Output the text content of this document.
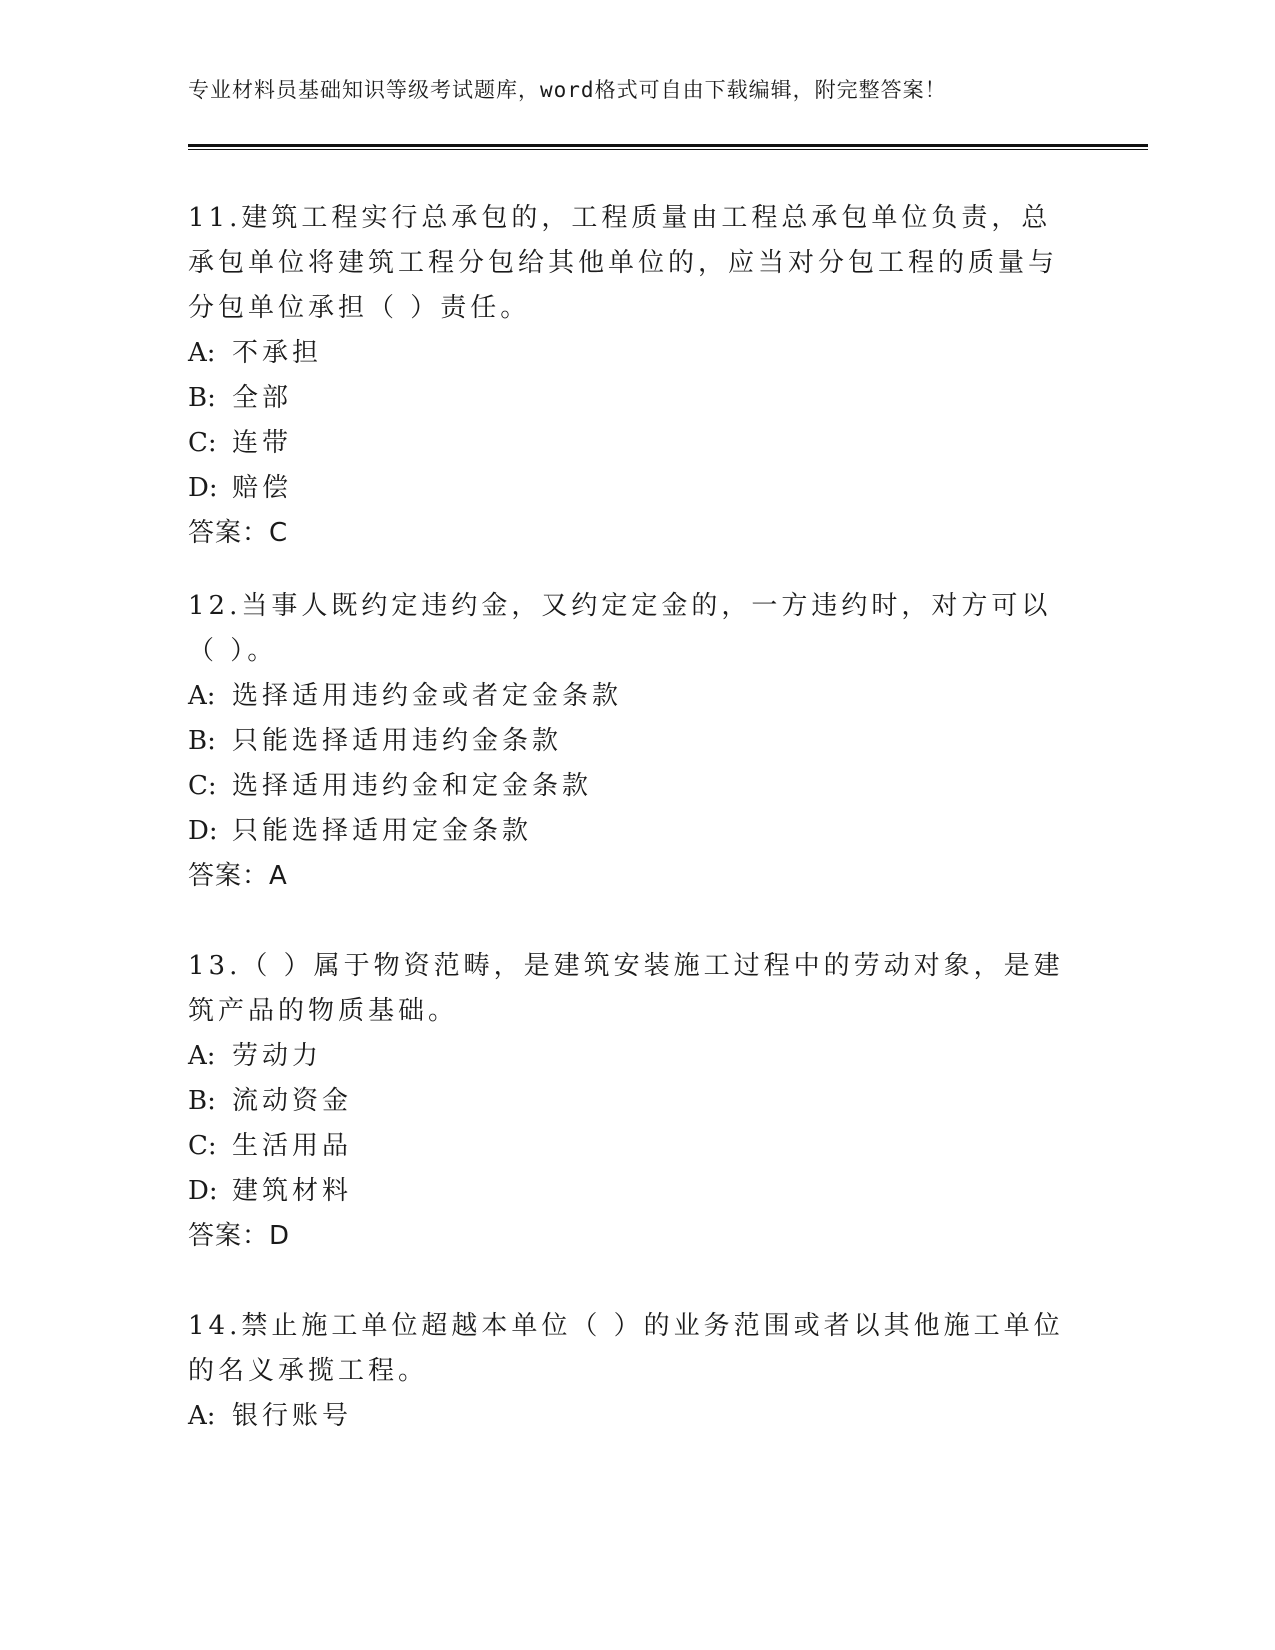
专业材料员基础知识等级考试题库，word格式可自由下载编辑，附完整答案！

11.建筑工程实行总承包的，工程质量由工程总承包单位负责，总承包单位将建筑工程分包给其他单位的，应当对分包工程的质量与分包单位承担（ ）责任。

A: 不承担

B: 全部

C: 连带

D: 赔偿

答案：C

12.当事人既约定违约金，又约定定金的，一方违约时，对方可以（ ）。

A: 选择适用违约金或者定金条款

B: 只能选择适用违约金条款

C: 选择适用违约金和定金条款

D: 只能选择适用定金条款

答案：A

13.（ ）属于物资范畴，是建筑安装施工过程中的劳动对象，是建筑产品的物质基础。

A: 劳动力

B: 流动资金

C: 生活用品

D: 建筑材料

答案：D

14.禁止施工单位超越本单位（ ）的业务范围或者以其他施工单位的名义承揽工程。

A: 银行账号
